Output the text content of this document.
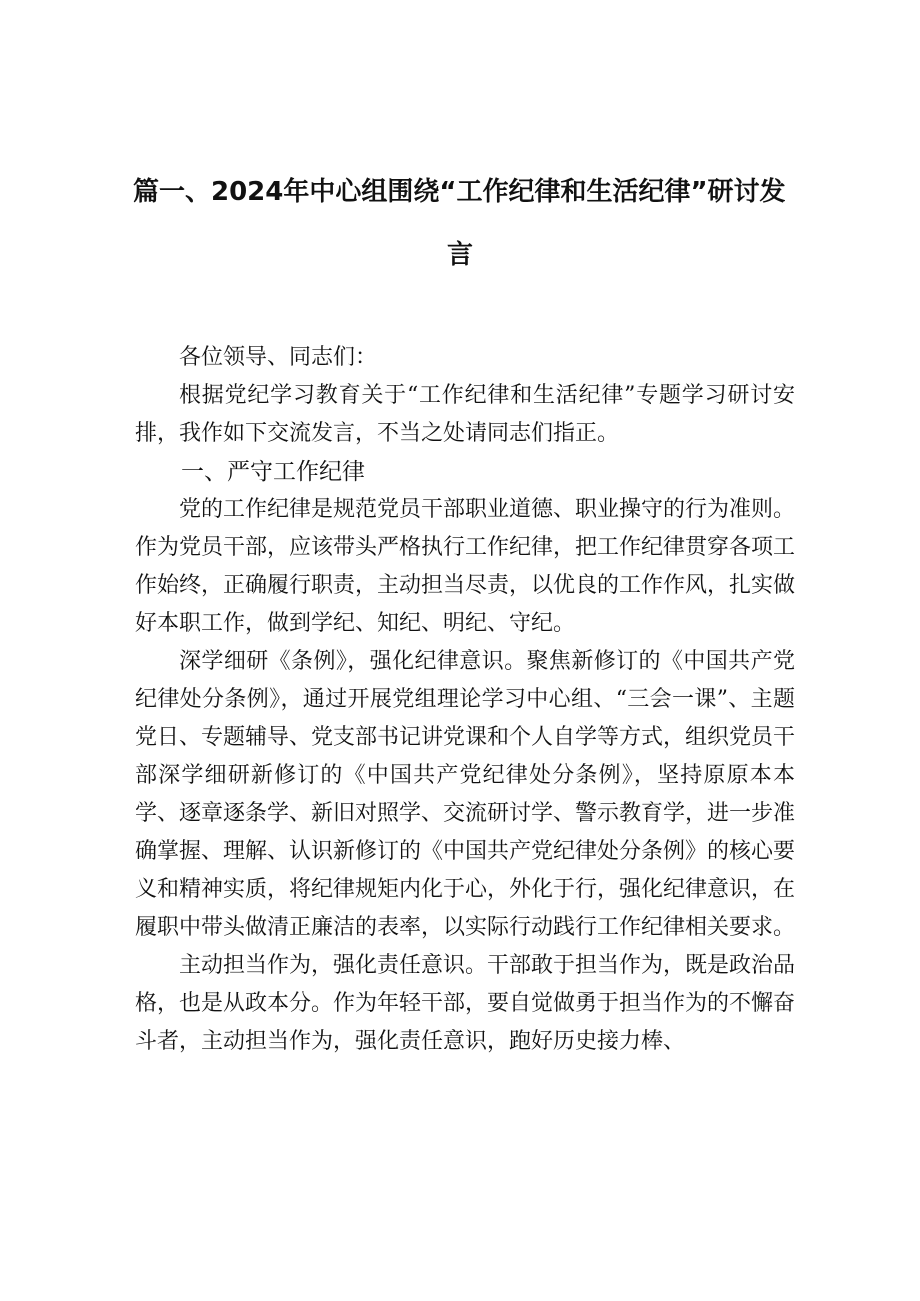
篇一、2024年中心组围绕“工作纪律和生活纪律”研讨发
言

各位领导、同志们：

根据党纪学习教育关于“工作纪律和生活纪律”专题学习研讨安排，我作如下交流发言，不当之处请同志们指正。

一、严守工作纪律

党的工作纪律是规范党员干部职业道德、职业操守的行为准则。作为党员干部，应该带头严格执行工作纪律，把工作纪律贯穿各项工作始终，正确履行职责，主动担当尽责，以优良的工作作风，扎实做好本职工作，做到学纪、知纪、明纪、守纪。

深学细研《条例》，强化纪律意识。聚焦新修订的《中国共产党纪律处分条例》，通过开展党组理论学习中心组、“三会一课”、主题党日、专题辅导、党支部书记讲党课和个人自学等方式，组织党员干部深学细研新修订的《中国共产党纪律处分条例》，坚持原原本本学、逐章逐条学、新旧对照学、交流研讨学、警示教育学，进一步准确掌握、理解、认识新修订的《中国共产党纪律处分条例》的核心要义和精神实质，将纪律规矩内化于心，外化于行，强化纪律意识，在履职中带头做清正廉洁的表率，以实际行动践行工作纪律相关要求。

主动担当作为，强化责任意识。干部敢于担当作为，既是政治品格，也是从政本分。作为年轻干部，要自觉做勇于担当作为的不懈奋斗者，主动担当作为，强化责任意识，跑好历史接力棒、
